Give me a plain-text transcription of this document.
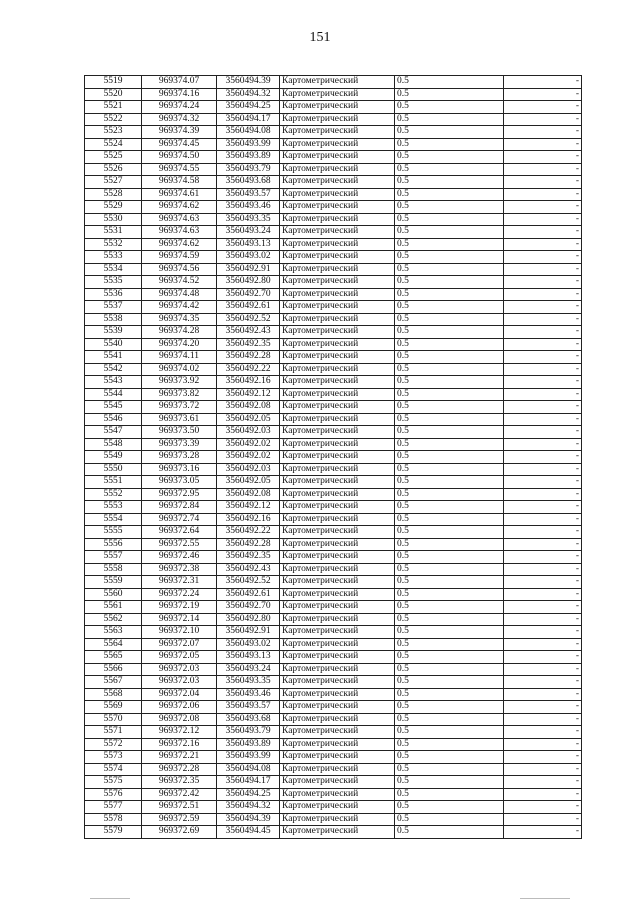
151
5519	969374.07	3560494.39	Картометрический	0.5	-
5520	969374.16	3560494.32	Картометрический	0.5	-
5521	969374.24	3560494.25	Картометрический	0.5	-
5522	969374.32	3560494.17	Картометрический	0.5	-
5523	969374.39	3560494.08	Картометрический	0.5	-
5524	969374.45	3560493.99	Картометрический	0.5	-
5525	969374.50	3560493.89	Картометрический	0.5	-
5526	969374.55	3560493.79	Картометрический	0.5	-
5527	969374.58	3560493.68	Картометрический	0.5	-
5528	969374.61	3560493.57	Картометрический	0.5	-
5529	969374.62	3560493.46	Картометрический	0.5	-
5530	969374.63	3560493.35	Картометрический	0.5	-
5531	969374.63	3560493.24	Картометрический	0.5	-
5532	969374.62	3560493.13	Картометрический	0.5	-
5533	969374.59	3560493.02	Картометрический	0.5	-
5534	969374.56	3560492.91	Картометрический	0.5	-
5535	969374.52	3560492.80	Картометрический	0.5	-
5536	969374.48	3560492.70	Картометрический	0.5	-
5537	969374.42	3560492.61	Картометрический	0.5	-
5538	969374.35	3560492.52	Картометрический	0.5	-
5539	969374.28	3560492.43	Картометрический	0.5	-
5540	969374.20	3560492.35	Картометрический	0.5	-
5541	969374.11	3560492.28	Картометрический	0.5	-
5542	969374.02	3560492.22	Картометрический	0.5	-
5543	969373.92	3560492.16	Картометрический	0.5	-
5544	969373.82	3560492.12	Картометрический	0.5	-
5545	969373.72	3560492.08	Картометрический	0.5	-
5546	969373.61	3560492.05	Картометрический	0.5	-
5547	969373.50	3560492.03	Картометрический	0.5	-
5548	969373.39	3560492.02	Картометрический	0.5	-
5549	969373.28	3560492.02	Картометрический	0.5	-
5550	969373.16	3560492.03	Картометрический	0.5	-
5551	969373.05	3560492.05	Картометрический	0.5	-
5552	969372.95	3560492.08	Картометрический	0.5	-
5553	969372.84	3560492.12	Картометрический	0.5	-
5554	969372.74	3560492.16	Картометрический	0.5	-
5555	969372.64	3560492.22	Картометрический	0.5	-
5556	969372.55	3560492.28	Картометрический	0.5	-
5557	969372.46	3560492.35	Картометрический	0.5	-
5558	969372.38	3560492.43	Картометрический	0.5	-
5559	969372.31	3560492.52	Картометрический	0.5	-
5560	969372.24	3560492.61	Картометрический	0.5	-
5561	969372.19	3560492.70	Картометрический	0.5	-
5562	969372.14	3560492.80	Картометрический	0.5	-
5563	969372.10	3560492.91	Картометрический	0.5	-
5564	969372.07	3560493.02	Картометрический	0.5	-
5565	969372.05	3560493.13	Картометрический	0.5	-
5566	969372.03	3560493.24	Картометрический	0.5	-
5567	969372.03	3560493.35	Картометрический	0.5	-
5568	969372.04	3560493.46	Картометрический	0.5	-
5569	969372.06	3560493.57	Картометрический	0.5	-
5570	969372.08	3560493.68	Картометрический	0.5	-
5571	969372.12	3560493.79	Картометрический	0.5	-
5572	969372.16	3560493.89	Картометрический	0.5	-
5573	969372.21	3560493.99	Картометрический	0.5	-
5574	969372.28	3560494.08	Картометрический	0.5	-
5575	969372.35	3560494.17	Картометрический	0.5	-
5576	969372.42	3560494.25	Картометрический	0.5	-
5577	969372.51	3560494.32	Картометрический	0.5	-
5578	969372.59	3560494.39	Картометрический	0.5	-
5579	969372.69	3560494.45	Картометрический	0.5	-
